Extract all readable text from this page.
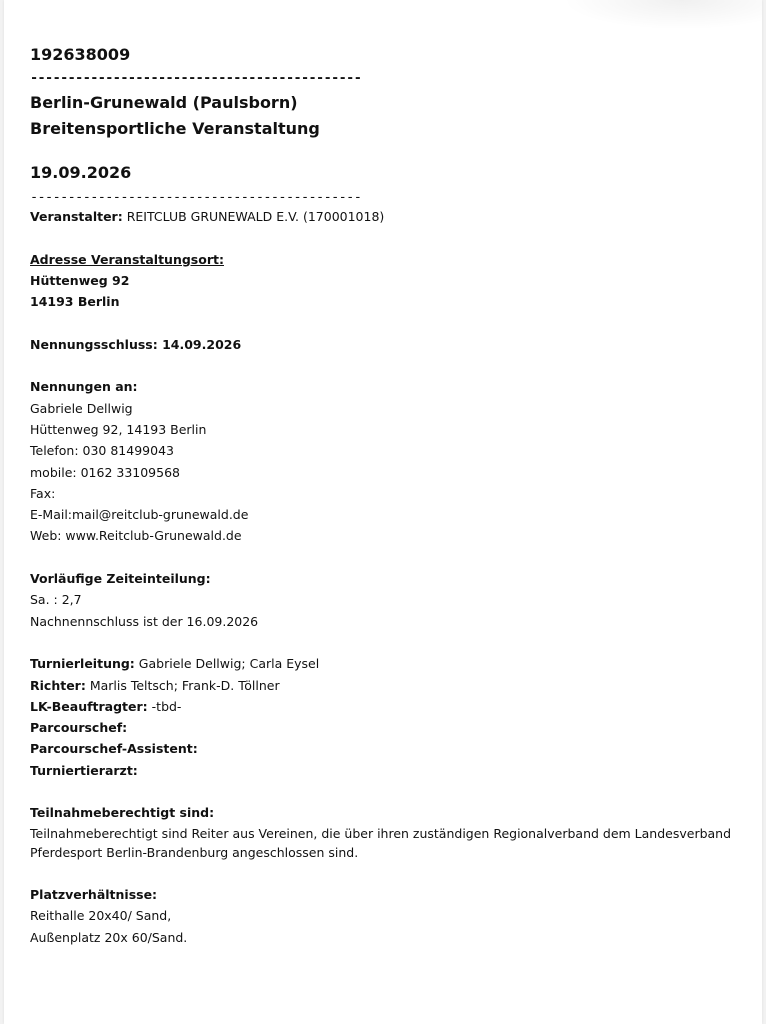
192638009
--------------------------------------------
Berlin-Grunewald (Paulsborn)
Breitensportliche Veranstaltung
19.09.2026
--------------------------------------------
Veranstalter: REITCLUB GRUNEWALD E.V. (170001018)
Adresse Veranstaltungsort:
Hüttenweg 92
14193 Berlin
Nennungsschluss: 14.09.2026
Nennungen an:
Gabriele Dellwig
Hüttenweg 92, 14193 Berlin
Telefon: 030 81499043
mobile: 0162 33109568
Fax:
E-Mail:mail@reitclub-grunewald.de
Web: www.Reitclub-Grunewald.de
Vorläufige Zeiteinteilung:
Sa. : 2,7
Nachnennschluss ist der 16.09.2026
Turnierleitung: Gabriele Dellwig; Carla Eysel
Richter: Marlis Teltsch; Frank-D. Töllner
LK-Beauftragter: -tbd-
Parcourschef:
Parcourschef-Assistent:
Turniertierarzt:
Teilnahmeberechtigt sind:
Teilnahmeberechtigt sind Reiter aus Vereinen, die über ihren zuständigen Regionalverband dem Landesverband Pferdesport Berlin-Brandenburg angeschlossen sind.
Platzverhältnisse:
Reithalle 20x40/ Sand,
Außenplatz 20x 60/Sand.
